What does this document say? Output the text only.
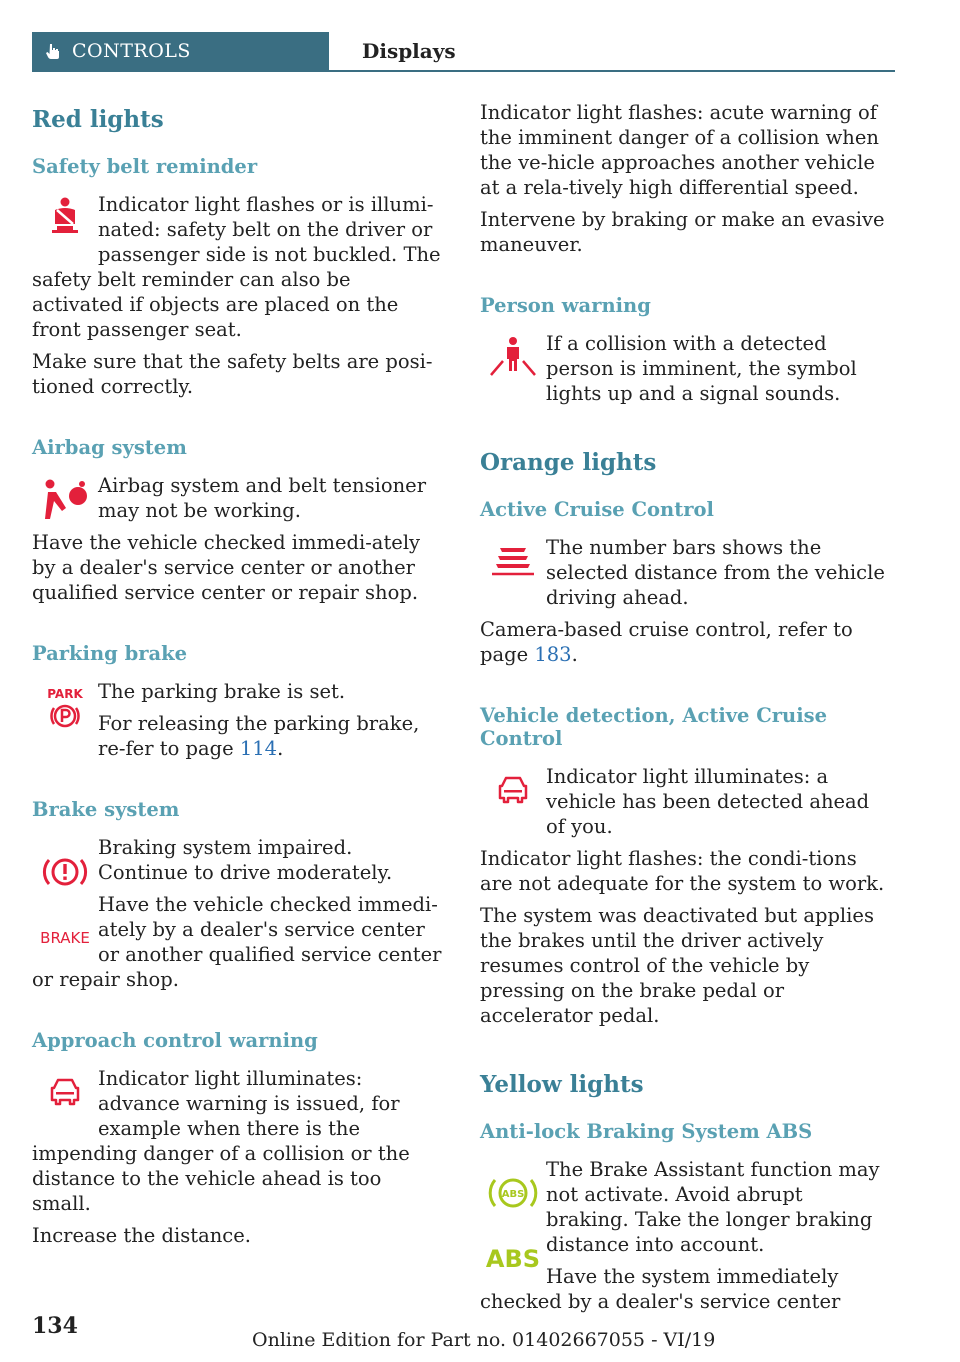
CONTROLS	Displays
Red lights
Safety belt reminder

Indicator light flashes or is illumi-nated: safety belt on the driver or passenger side is not buckled. The safety belt reminder can also be activated if objects are placed on the front passenger seat.

Make sure that the safety belts are posi-tioned correctly.

Airbag system

Airbag system and belt tensioner may not be working.

Have the vehicle checked immedi-ately by a dealer's service center or another qualified service center or repair shop.

Parking brake
PARK The parking brake is set.

For releasing the parking brake, re-fer to page 114.

Brake system
BRAKE

Braking system impaired. Continue to drive moderately.

Have the vehicle checked immedi-ately by a dealer's service center or another qualified service center or repair shop.

Approach control warning

Indicator light illuminates: advance warning is issued, for example when there is the impending danger of a collision or the distance to the vehicle ahead is too small.

Increase the distance.

Indicator light flashes: acute warning of the imminent danger of a collision when the ve-hicle approaches another vehicle at a rela-tively high differential speed.

Intervene by braking or make an evasive maneuver.

Person warning

If a collision with a detected person is imminent, the symbol lights up and a signal sounds.

Orange lights
Active Cruise Control

The number bars shows the selected distance from the vehicle driving ahead.

Camera-based cruise control, refer to page 183.

Vehicle detection, Active Cruise Control

Indicator light illuminates: a vehicle has been detected ahead of you.

Indicator light flashes: the condi-tions are not adequate for the system to work.

The system was deactivated but applies the brakes until the driver actively resumes control of the vehicle by pressing on the brake pedal or accelerator pedal.

Yellow lights
Anti-lock Braking System ABS
ABS
ABS

The Brake Assistant function may not activate. Avoid abrupt braking. Take the longer braking distance into account.

Have the system immediately checked by a dealer's service center

134
Online Edition for Part no. 01402667055 - VI/19
